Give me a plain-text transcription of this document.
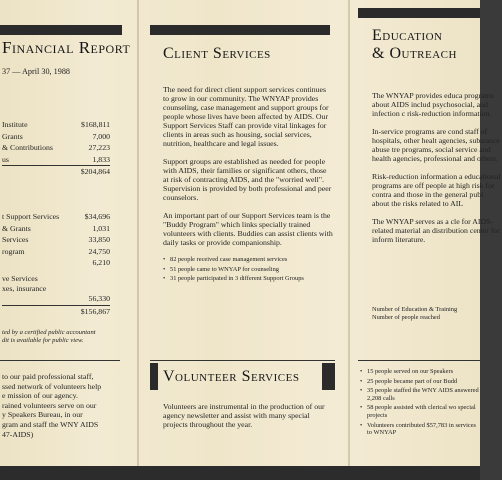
Financial Report
37 — April 30, 1988
Institute	$168,811
Grants	7,000
& Contributions	27,223
us	1,833
$204,864
t Support Services	$34,696
& Grants	1,031
Services	33,850
rogram	24,750
6,210
ve Services
xes, insurance
56,330
$156,867
ted by a certified public accountant
dit is available for public view.
to our paid professional staff,
ssed network of volunteers help
e mission of our agency.
rained volunteers serve on our
y Speakers Bureau, in our
gram and staff the WNY AIDS
47-AIDS)
Client Services
The need for direct client support services continues to grow in our community. The WNYAP provides counseling, case management and support groups for people whose lives have been affected by AIDS. Our Support Services Staff can provide vital linkages for clients in areas such as housing, social services, nutrition, healthcare and legal issues.
Support groups are established as needed for people with AIDS, their families or significant others, those at risk of contracting AIDS, and the "worried well". Supervision is provided by both professional and peer counselors.
An important part of our Support Services team is the "Buddy Program" which links specially trained volunteers with clients. Buddies can assist clients with daily tasks or provide companionship.
• 82 people received case management services
• 51 people came to WNYAP for counseling
• 31 people participated in 3 different Support Groups
Volunteer Services
Volunteers are instrumental in the production of our agency newsletter and assist with many special projects throughout the year.
Education
& Outreach
The WNYAP provides educa programs about AIDS includ psychosocial, and infection c risk-reduction information.
In-service programs are cond staff of hospitals, other healt agencies, substance abuse tre programs, social service and health agencies, professional and others.
Risk-reduction information a educational programs are off people at high risk for contra and those in the general publ about the risks related to AIL
The WNYAP serves as a cle for AIDS-related material an distribution center for inform literature.
Number of Education & Training
Number of people reached
• 15 people served on our Speakers
• 25 people became part of our Budd
• 35 people staffed the WNY AIDS answered 2,208 calls
• 58 people assisted with clerical wo special projects
• Volunteers contributed $57,783 in services to WNYAP
